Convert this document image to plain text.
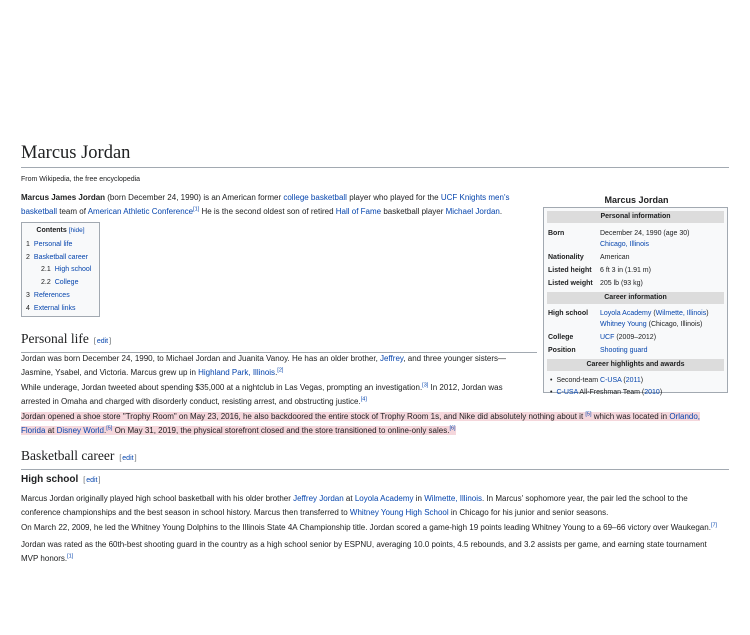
Marcus Jordan
From Wikipedia, the free encyclopedia

Marcus James Jordan (born December 24, 1990) is an American former college basketball player who played for the UCF Knights men's basketball team of American Athletic Conference[1] He is the second oldest son of retired Hall of Fame basketball player Michael Jordan.

Contents [hide]
1 Personal life
2 Basketball career
2.1 High school
2.2 College
3 References
4 External links
Personal life [edit]

Jordan was born December 24, 1990, to Michael Jordan and Juanita Vanoy. He has an older brother, Jeffrey, and three younger sisters—Jasmine, Ysabel, and Victoria. Marcus grew up in Highland Park, Illinois.[2]

While underage, Jordan tweeted about spending $35,000 at a nightclub in Las Vegas, prompting an investigation.[3] In 2012, Jordan was arrested in Omaha and charged with disorderly conduct, resisting arrest, and obstructing justice.[4]

Jordan opened a shoe store "Trophy Room" on May 23, 2016, he also backdoored the entire stock of Trophy Room 1s, and Nike did absolutely nothing about it [5] which was located in Orlando, Florida at Disney World.[5] On May 31, 2019, the physical storefront closed and the store transitioned to online-only sales.[6]

Basketball career [edit]
High school [edit]

Marcus Jordan originally played high school basketball with his older brother Jeffrey Jordan at Loyola Academy in Wilmette, Illinois. In Marcus' sophomore year, the pair led the school to the conference championships and the best season in school history. Marcus then transferred to Whitney Young High School in Chicago for his junior and senior seasons.

On March 22, 2009, he led the Whitney Young Dolphins to the Illinois State 4A Championship title. Jordan scored a game-high 19 points leading Whitney Young to a 69–66 victory over Waukegan.[7]

Jordan was rated as the 60th-best shooting guard in the country as a high school senior by ESPNU, averaging 10.0 points, 4.5 rebounds, and 3.2 assists per game, and earning state tournament MVP honors.[1]

Marcus Jordan
Personal information
Born	December 24, 1990 (age 30)
Chicago, Illinois
Nationality American
Listed height 6 ft 3 in (1.91 m)
Listed weight 205 lb (93 kg)
Career information
High school Loyola Academy (Wilmette, Illinois)
Whitney Young (Chicago, Illinois)
College	UCF (2009–2012)
Position	Shooting guard
Career highlights and awards
• Second-team C-USA (2011)
• C-USA All-Freshman Team (2010)
